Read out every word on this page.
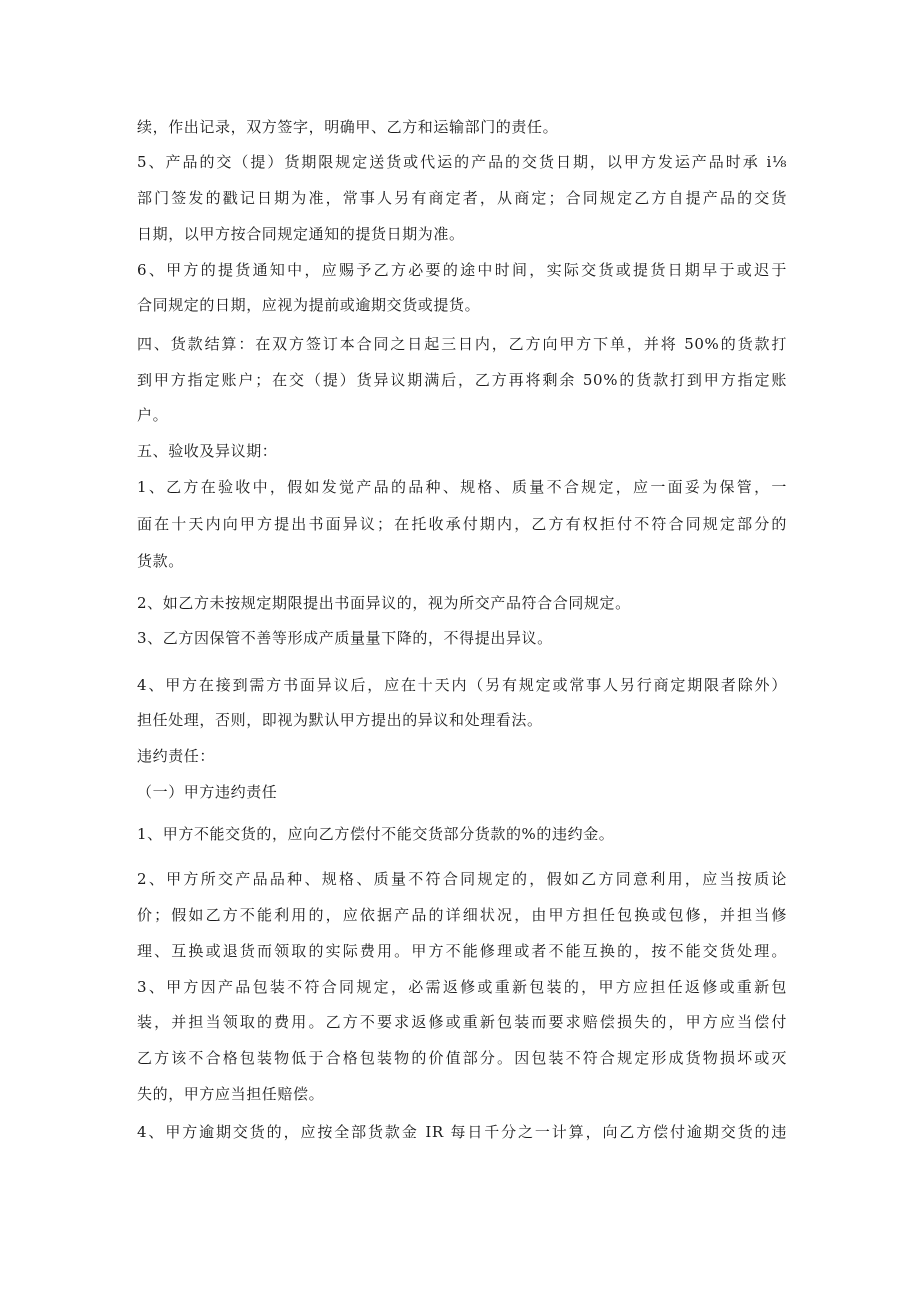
续，作出记录，双方签字，明确甲、乙方和运输部门的责任。
5、产品的交（提）货期限规定送货或代运的产品的交货日期，以甲方发运产品时承 i⅛
部门签发的戳记日期为准，常事人另有商定者，从商定；合同规定乙方自提产品的交货
日期，以甲方按合同规定通知的提货日期为准。
6、甲方的提货通知中，应赐予乙方必要的途中时间，实际交货或提货日期早于或迟于
合同规定的日期，应视为提前或逾期交货或提货。
四、货款结算：在双方签订本合同之日起三日内，乙方向甲方下单，并将 50%的货款打
到甲方指定账户；在交（提）货异议期满后，乙方再将剩余 50%的货款打到甲方指定账
户。
五、验收及异议期：
1、乙方在验收中，假如发觉产品的品种、规格、质量不合规定，应一面妥为保管，一
面在十天内向甲方提出书面异议；在托收承付期内，乙方有权拒付不符合同规定部分的
货款。
2、如乙方未按规定期限提出书面异议的，视为所交产品符合合同规定。
3、乙方因保管不善等形成产质量量下降的，不得提出异议。
4、甲方在接到需方书面异议后，应在十天内（另有规定或常事人另行商定期限者除外）
担任处理，否则，即视为默认甲方提出的异议和处理看法。
违约责任：
（一）甲方违约责任
1、甲方不能交货的，应向乙方偿付不能交货部分货款的%的违约金。
2、甲方所交产品品种、规格、质量不符合同规定的，假如乙方同意利用，应当按质论
价；假如乙方不能利用的，应依据产品的详细状况，由甲方担任包换或包修，并担当修
理、互换或退货而领取的实际费用。甲方不能修理或者不能互换的，按不能交货处理。
3、甲方因产品包装不符合同规定，必需返修或重新包装的，甲方应担任返修或重新包
装，并担当领取的费用。乙方不要求返修或重新包装而要求赔偿损失的，甲方应当偿付
乙方该不合格包装物低于合格包装物的价值部分。因包装不符合规定形成货物损坏或灭
失的，甲方应当担任赔偿。
4、甲方逾期交货的，应按全部货款金 IR 每日千分之一计算，向乙方偿付逾期交货的违
